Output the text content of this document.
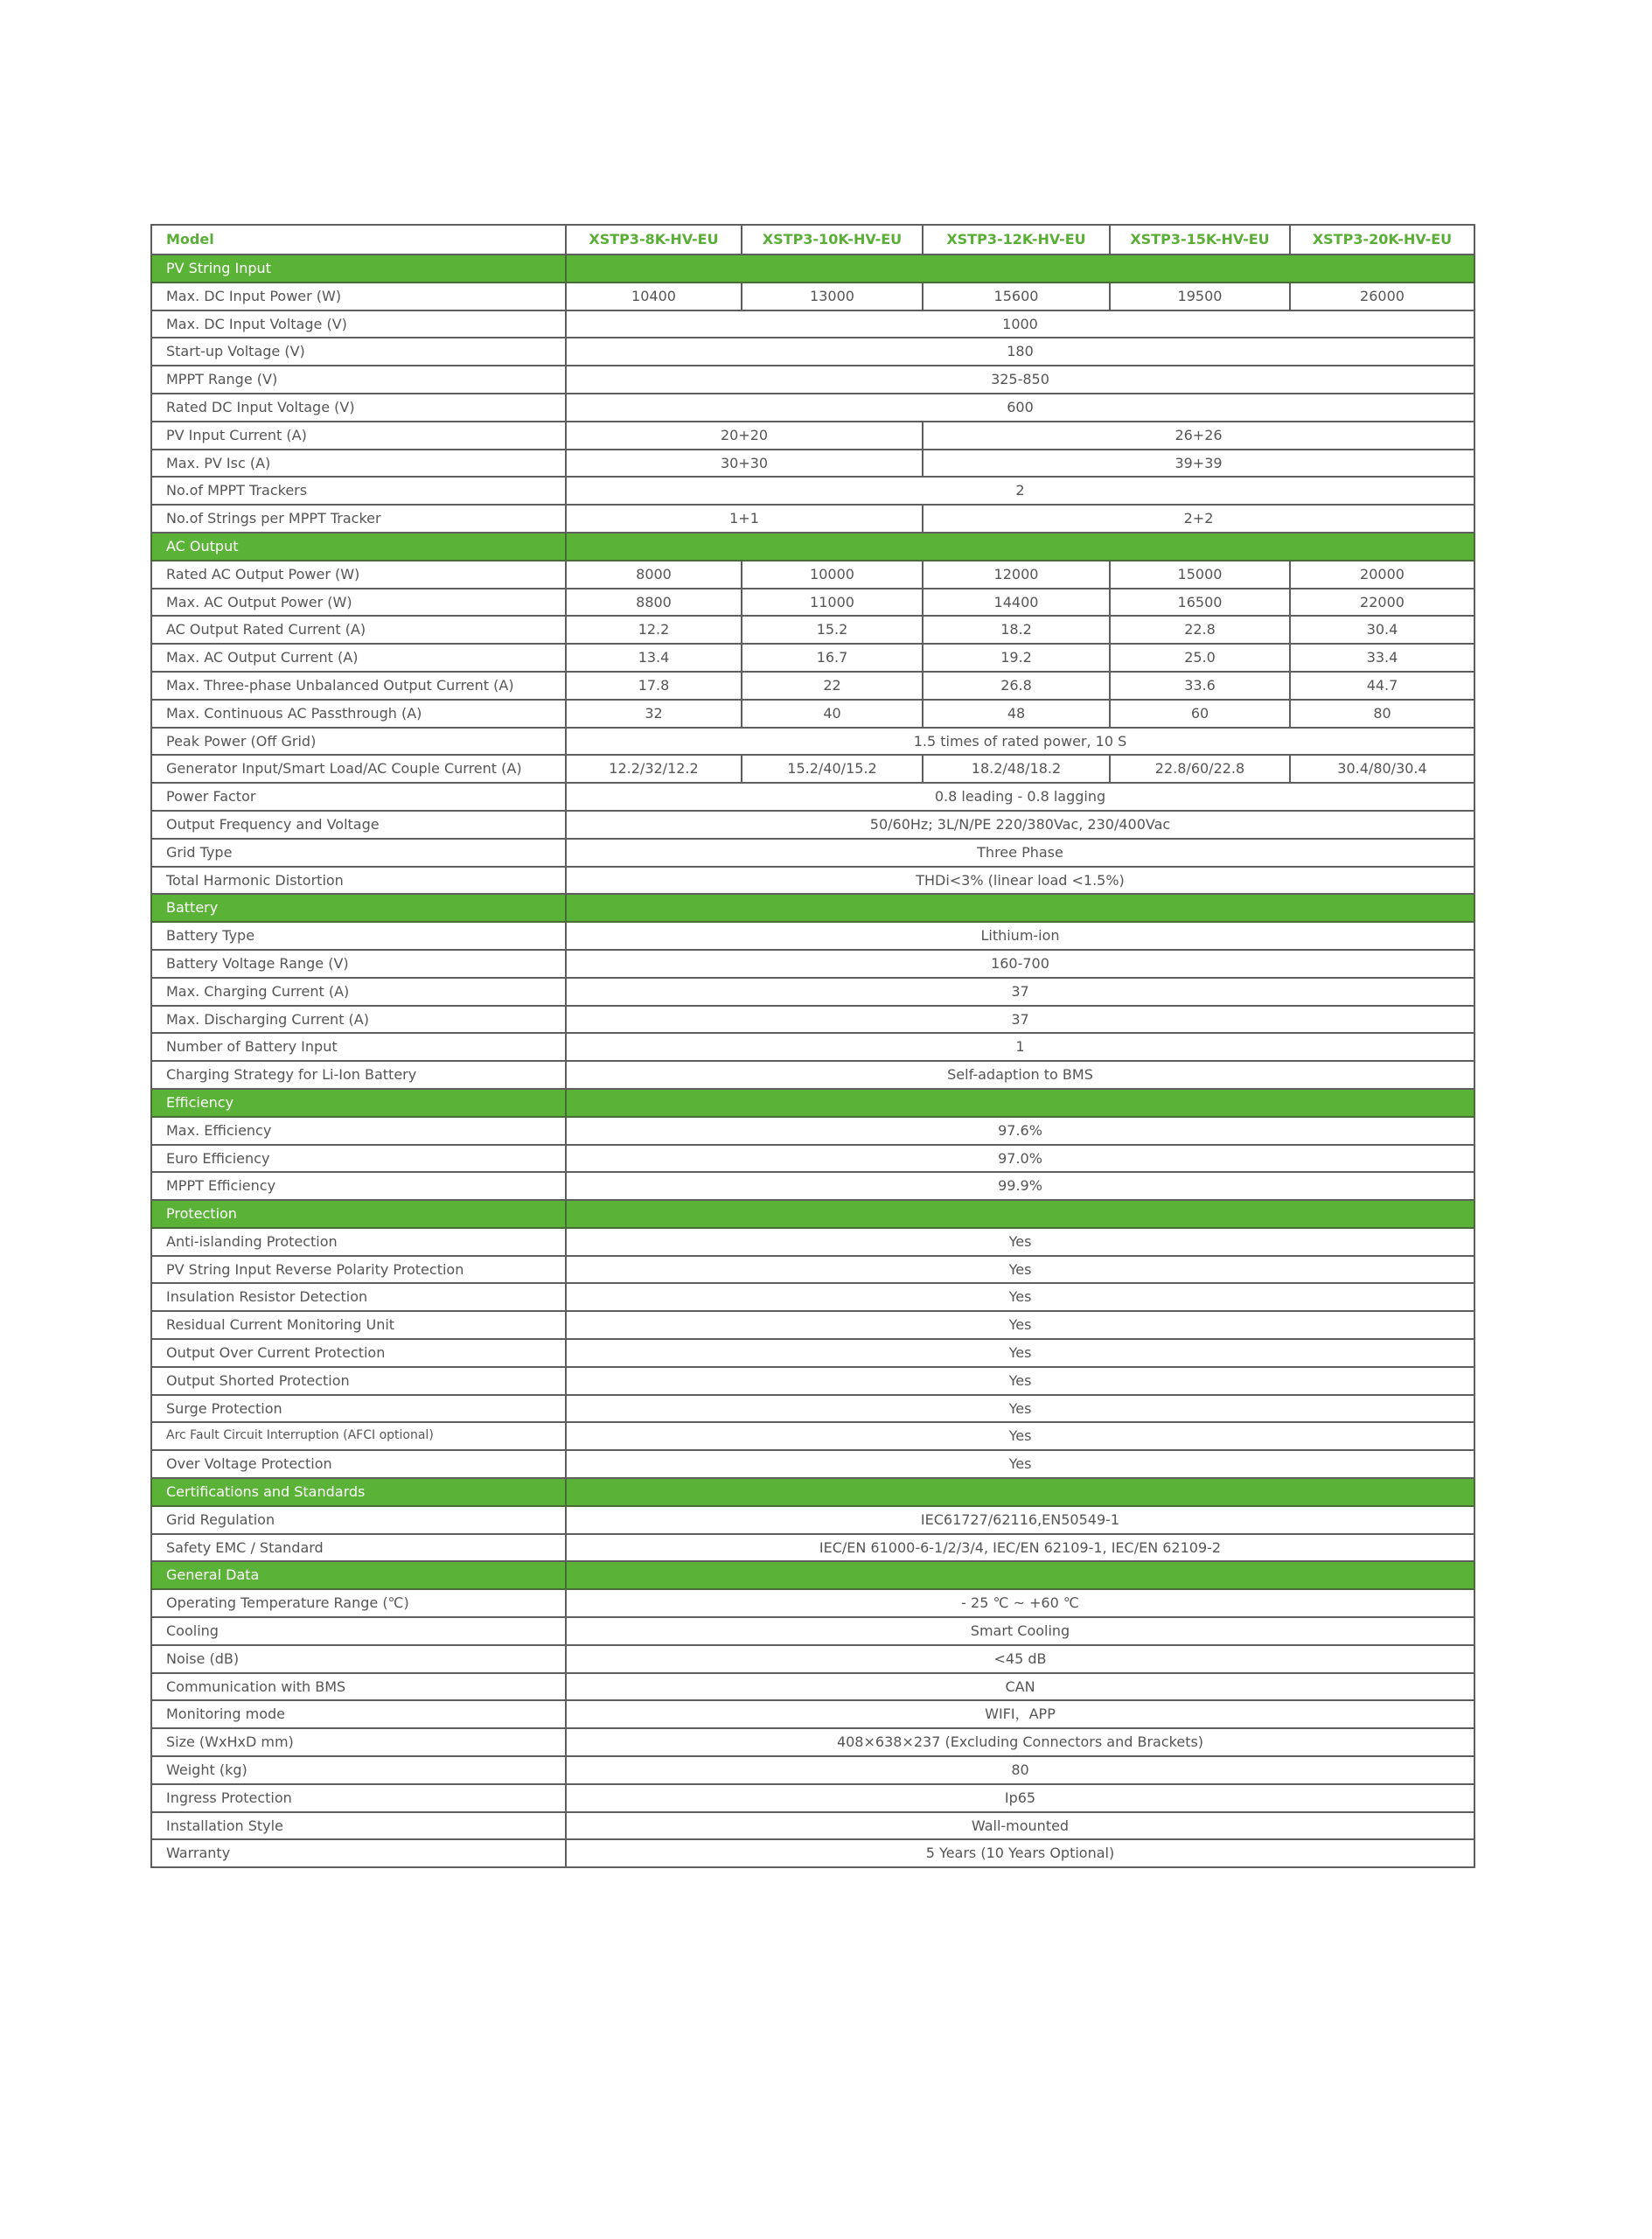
Model	XSTP3-8K-HV-EU	XSTP3-10K-HV-EU	XSTP3-12K-HV-EU	XSTP3-15K-HV-EU	XSTP3-20K-HV-EU
PV String Input					
Max. DC Input Power (W)	10400	13000	15600	19500	26000
Max. DC Input Voltage (V)	1000				
Start-up Voltage (V)	180				
MPPT Range (V)	325-850				
Rated DC Input Voltage (V)	600				
PV Input Current (A)	20+20		26+26		
Max. PV Isc (A)	30+30		39+39		
No.of MPPT Trackers	2				
No.of Strings per MPPT Tracker	1+1		2+2		
AC Output					
Rated AC Output Power (W)	8000	10000	12000	15000	20000
Max. AC Output Power (W)	8800	11000	14400	16500	22000
AC Output Rated Current (A)	12.2	15.2	18.2	22.8	30.4
Max. AC Output Current (A)	13.4	16.7	19.2	25.0	33.4
Max. Three-phase Unbalanced Output Current (A)	17.8	22	26.8	33.6	44.7
Max. Continuous AC Passthrough (A)	32	40	48	60	80
Peak Power (Off Grid)	1.5 times of rated power, 10 S				
Generator Input/Smart Load/AC Couple Current (A)	12.2/32/12.2	15.2/40/15.2	18.2/48/18.2	22.8/60/22.8	30.4/80/30.4
Power Factor	0.8 leading - 0.8 lagging				
Output Frequency and Voltage	50/60Hz; 3L/N/PE 220/380Vac, 230/400Vac				
Grid Type	Three Phase				
Total Harmonic Distortion	THDi<3% (linear load <1.5%)				
Battery					
Battery Type	Lithium-ion				
Battery Voltage Range (V)	160-700				
Max. Charging Current (A)	37				
Max. Discharging Current (A)	37				
Number of Battery Input	1				
Charging Strategy for Li-Ion Battery	Self-adaption to BMS				
Efficiency					
Max. Efficiency	97.6%				
Euro Efficiency	97.0%				
MPPT Efficiency	99.9%				
Protection					
Anti-islanding Protection	Yes				
PV String Input Reverse Polarity Protection	Yes				
Insulation Resistor Detection	Yes				
Residual Current Monitoring Unit	Yes				
Output Over Current Protection	Yes				
Output Shorted Protection	Yes				
Surge Protection	Yes				
Arc Fault Circuit Interruption (AFCI optional)	Yes				
Over Voltage Protection	Yes				
Certifications and Standards					
Grid Regulation	IEC61727/62116,EN50549-1				
Safety EMC / Standard	IEC/EN 61000-6-1/2/3/4, IEC/EN 62109-1, IEC/EN 62109-2				
General Data					
Operating Temperature Range (℃)	- 25 ℃ ~ +60 ℃				
Cooling	Smart Cooling				
Noise (dB)	<45 dB				
Communication with BMS	CAN				
Monitoring mode	WIFI，APP				
Size (WxHxD mm)	408×638×237 (Excluding Connectors and Brackets)				
Weight (kg)	80				
Ingress Protection	Ip65				
Installation Style	Wall-mounted				
Warranty	5 Years (10 Years Optional)				
